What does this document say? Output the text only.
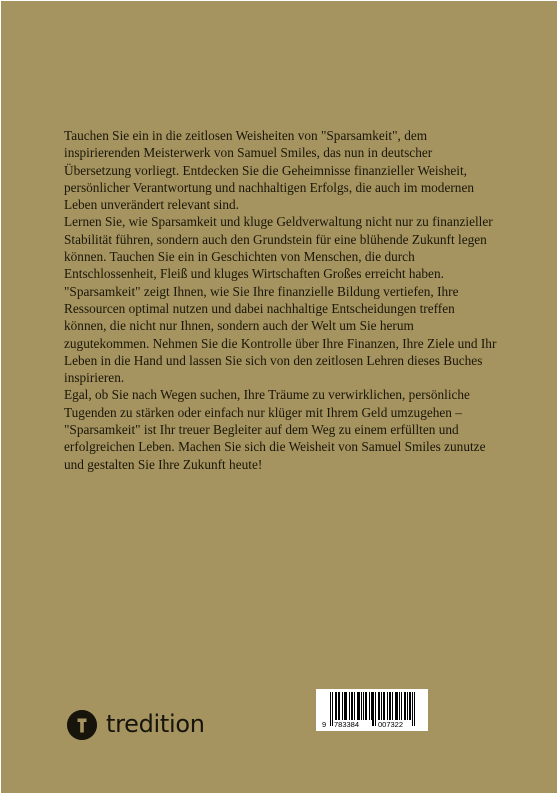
Tauchen Sie ein in die zeitlosen Weisheiten von "Sparsamkeit", dem inspirierenden Meisterwerk von Samuel Smiles, das nun in deutscher Übersetzung vorliegt. Entdecken Sie die Geheimnisse finanzieller Weisheit, persönlicher Verantwortung und nachhaltigen Erfolgs, die auch im modernen Leben unverändert relevant sind.

Lernen Sie, wie Sparsamkeit und kluge Geldverwaltung nicht nur zu finanzieller Stabilität führen, sondern auch den Grundstein für eine blühende Zukunft legen können. Tauchen Sie ein in Geschichten von Menschen, die durch Entschlossenheit, Fleiß und kluges Wirtschaften Großes erreicht haben.

"Sparsamkeit" zeigt Ihnen, wie Sie Ihre finanzielle Bildung vertiefen, Ihre Ressourcen optimal nutzen und dabei nachhaltige Entscheidungen treffen können, die nicht nur Ihnen, sondern auch der Welt um Sie herum zugutekommen. Nehmen Sie die Kontrolle über Ihre Finanzen, Ihre Ziele und Ihr Leben in die Hand und lassen Sie sich von den zeitlosen Lehren dieses Buches inspirieren.

Egal, ob Sie nach Wegen suchen, Ihre Träume zu verwirklichen, persönliche Tugenden zu stärken oder einfach nur klüger mit Ihrem Geld umzugehen – "Sparsamkeit" ist Ihr treuer Begleiter auf dem Weg zu einem erfüllten und erfolgreichen Leben. Machen Sie sich die Weisheit von Samuel Smiles zunutze und gestalten Sie Ihre Zukunft heute!

tredition	9 783384	007322
